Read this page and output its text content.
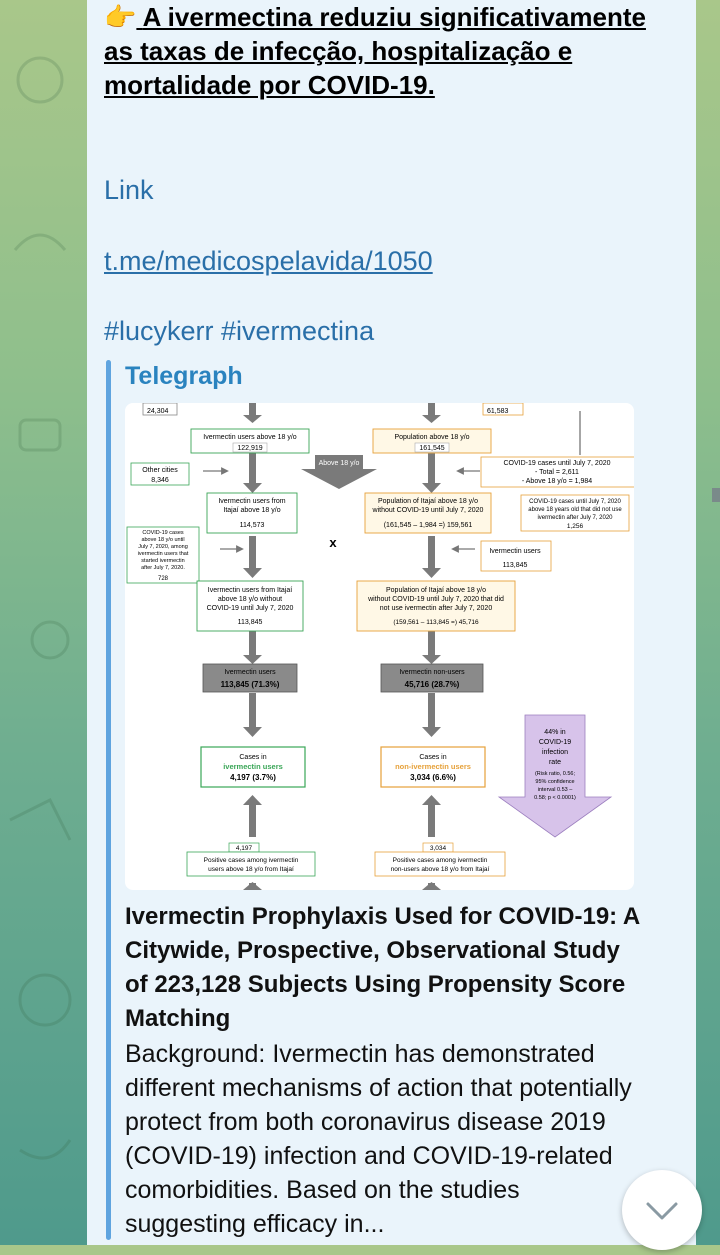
👉 A ivermectina reduziu significativamente as taxas de infecção, hospitalização e mortalidade por COVID-19.

Link
t.me/medicospelavida/1050
#lucykerr #ivermectina
Telegraph
24,304	61,583
Ivermectin users above 18 y/o
122,919
Population above 18 y/o
161,545
Other cities
8,346
Above 18 y/o	COVID-19 cases until July 7, 2020
- Total = 2,611
- Above 18 y/o = 1,984
Ivermectin users from
Itajaí above 18 y/o
114,573
Population of Itajaí above 18 y/o
without COVID-19 until July 7, 2020
(161,545 – 1,984 =) 159,561
COVID-19 cases until July 7, 2020
above 18 years old that did not use
ivermectin after July 7, 2020
1,256
x
COVID-19 cases
above 18 y/o until
July 7, 2020, among
ivermectin users that
started ivermectin
after July 7, 2020.
728
Ivermectin users
113,845
Ivermectin users from Itajaí
above 18 y/o without
COVID-19 until July 7, 2020
113,845
Population of Itajaí above 18 y/o
without COVID-19 until July 7, 2020 that did
not use ivermectin after July 7, 2020
(159,561 – 113,845 =) 45,716
Ivermectin users
113,845 (71.3%)
Ivermectin non-users
45,716 (28.7%)
Cases in
ivermectin users
4,197 (3.7%)
Cases in
non-ivermectin users
3,034 (6.6%)
44% in
COVID-19
infection
rate
(Risk ratio, 0.56;
95% confidence
interval 0.53 –
0.58; p < 0.0001)
4,197
Positive cases among ivermectin
users above 18 y/o from Itajaí
3,034
Positive cases among ivermectin
non-users above 18 y/o from Itajaí
Ivermectin Prophylaxis Used for COVID-19: A Citywide, Prospective, Observational Study of 223,128 Subjects Using Propensity Score Matching
Background: Ivermectin has demonstrated different mechanisms of action that potentially protect from both coronavirus disease 2019 (COVID-19) infection and COVID-19-related comorbidities. Based on the studies suggesting efficacy in...
